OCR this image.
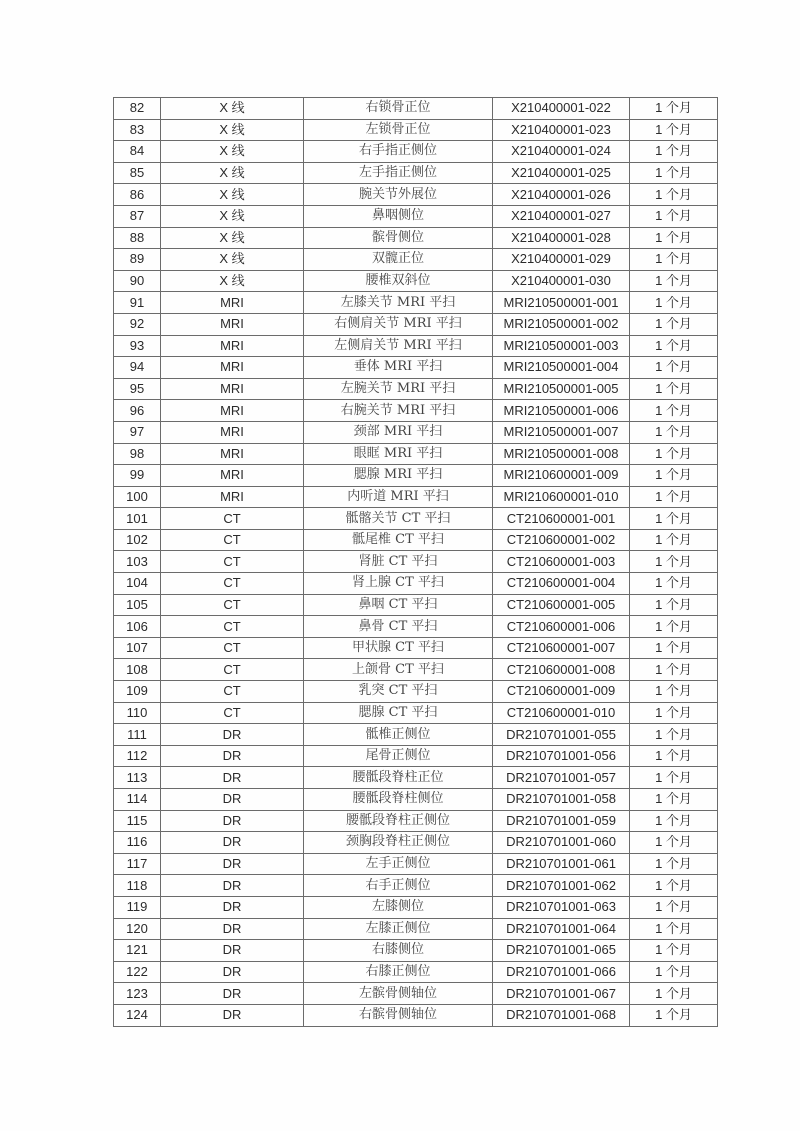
82	X 线	右锁骨正位	X210400001-022	1 个月
83	X 线	左锁骨正位	X210400001-023	1 个月
84	X 线	右手指正侧位	X210400001-024	1 个月
85	X 线	左手指正侧位	X210400001-025	1 个月
86	X 线	腕关节外展位	X210400001-026	1 个月
87	X 线	鼻咽侧位	X210400001-027	1 个月
88	X 线	髌骨侧位	X210400001-028	1 个月
89	X 线	双髋正位	X210400001-029	1 个月
90	X 线	腰椎双斜位	X210400001-030	1 个月
91	MRI	左膝关节 MRI 平扫	MRI210500001-001	1 个月
92	MRI	右侧肩关节 MRI 平扫	MRI210500001-002	1 个月
93	MRI	左侧肩关节 MRI 平扫	MRI210500001-003	1 个月
94	MRI	垂体 MRI 平扫	MRI210500001-004	1 个月
95	MRI	左腕关节 MRI 平扫	MRI210500001-005	1 个月
96	MRI	右腕关节 MRI 平扫	MRI210500001-006	1 个月
97	MRI	颈部 MRI 平扫	MRI210500001-007	1 个月
98	MRI	眼眶 MRI 平扫	MRI210500001-008	1 个月
99	MRI	腮腺 MRI 平扫	MRI210600001-009	1 个月
100	MRI	内听道 MRI 平扫	MRI210600001-010	1 个月
101	CT	骶髂关节 CT 平扫	CT210600001-001	1 个月
102	CT	骶尾椎 CT 平扫	CT210600001-002	1 个月
103	CT	肾脏 CT 平扫	CT210600001-003	1 个月
104	CT	肾上腺 CT 平扫	CT210600001-004	1 个月
105	CT	鼻咽 CT 平扫	CT210600001-005	1 个月
106	CT	鼻骨 CT 平扫	CT210600001-006	1 个月
107	CT	甲状腺 CT 平扫	CT210600001-007	1 个月
108	CT	上颌骨 CT 平扫	CT210600001-008	1 个月
109	CT	乳突 CT 平扫	CT210600001-009	1 个月
110	CT	腮腺 CT 平扫	CT210600001-010	1 个月
111	DR	骶椎正侧位	DR210701001-055	1 个月
112	DR	尾骨正侧位	DR210701001-056	1 个月
113	DR	腰骶段脊柱正位	DR210701001-057	1 个月
114	DR	腰骶段脊柱侧位	DR210701001-058	1 个月
115	DR	腰骶段脊柱正侧位	DR210701001-059	1 个月
116	DR	颈胸段脊柱正侧位	DR210701001-060	1 个月
117	DR	左手正侧位	DR210701001-061	1 个月
118	DR	右手正侧位	DR210701001-062	1 个月
119	DR	左膝侧位	DR210701001-063	1 个月
120	DR	左膝正侧位	DR210701001-064	1 个月
121	DR	右膝侧位	DR210701001-065	1 个月
122	DR	右膝正侧位	DR210701001-066	1 个月
123	DR	左髌骨侧轴位	DR210701001-067	1 个月
124	DR	右髌骨侧轴位	DR210701001-068	1 个月
